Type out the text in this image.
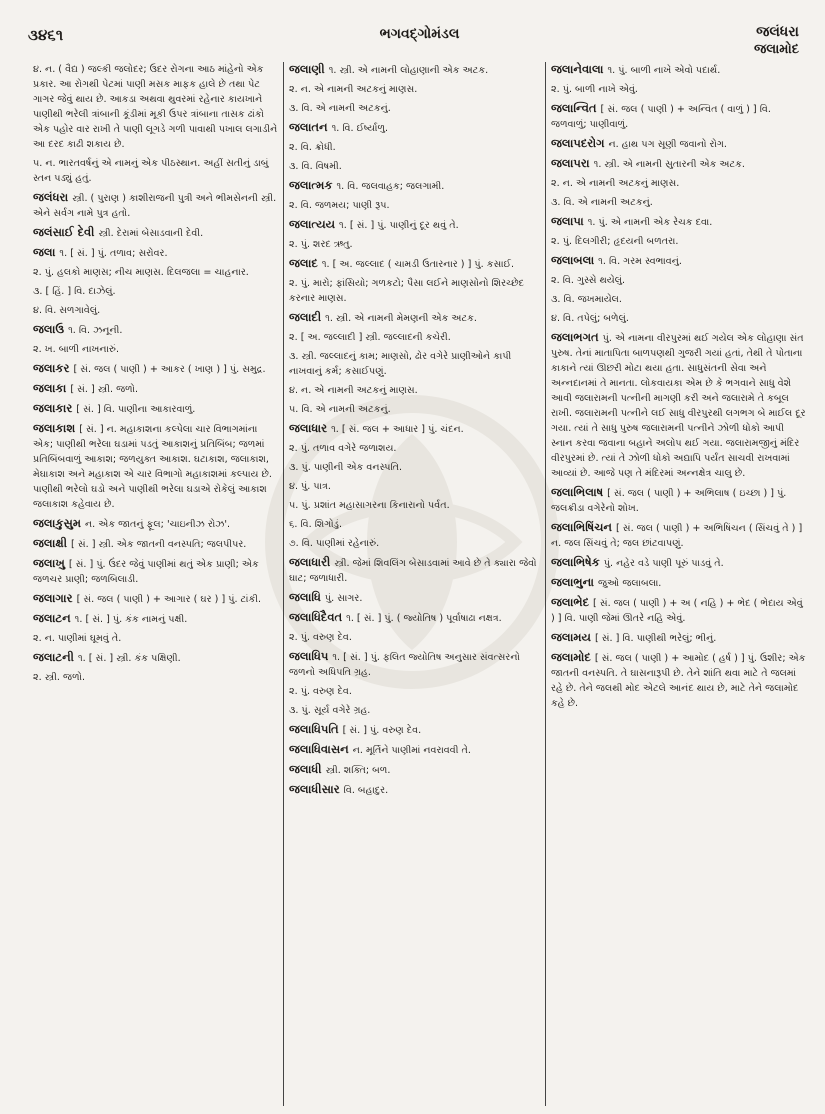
૩૪૬૧	ભગવદ્ગોમંડલ	જલંધરા
જલામોદ
૪. ન. ( વૈદ્ય ) જલ્કી જલોદર; ઉદર રોગના આઠ માંહેનો એક પ્રકાર. આ રોગથી પેટમાં પાણી મસક માફક હાલે છે તથા પેટ ગાગર જેવું થાય છે. આકડા અથવા થુવરમાં રહેનાર કાયખાને પાણીથી ભરેલી ત્રાંબાની કૂંડીમાં મૂકી ઉપર ત્રાંબાના તાસક ઢાંકો એક પહોર વાર રાખી તે પાણી લૂગડે ગળી પાવાથી પખાલ લગાડીને આ દરદ કાઢી શકાય છે.
૫. ન. ભારતવર્ષનું એ નામનું એક પીઠસ્થાન. અહીં સતીનું ડાબું સ્તન પડ્યું હતું.
જલંધરા સ્ત્રી. ( પુરાણ ) કાશીરાજની પુત્રી અને ભીમસેનની સ્ત્રી. એને સર્વગ નામે પુત્ર હતો.
જલંસાઈ દેવી સ્ત્રી. દેરામાં બેસાડવાની દેવી.
જલા ૧. [ સં. ] પું. તળાવ; સરોવર.
૨. પું. હલકો માણસ; નીચ માણસ. દિલજલા = ચાહનાર.
૩. [ હિં. ] વિ. દાઝેલું.
૪. વિ. સળગાવેલું.
જલાઉ ૧. વિ. ઝનૂની.
૨. ખ. બાળી નાખનારું.
જલાકર [ સં. જલ ( પાણી ) + આકર ( ખાણ ) ] પું. સમુદ્ર.
જલાકા [ સં. ] સ્ત્રી. જળો.
જલાકાર [ સં. ] વિ. પાણીના આકારવાળું.
જલાકાશ [ સં. ] ન. મહાકાશના કલ્પેલા ચાર વિભાગમાંના એક; પાણીથી ભરેલા ઘડામાં પડતું આકાશનું પ્રતિબિંબ; જળમાં પ્રતિબિંબવાળું આકાશ; જળયુક્ત આકાશ. ઘટાકાશ, જલાકાશ, મેઘાકાશ અને મહાકાશ એ ચાર વિભાગો મહાકાશમાં કલ્પાય છે. પાણીથી ભરેલો ઘડો અને પાણીથી ભરેલા ઘડાએ રોકેલું આકાશ જલાકાશ કહેવાય છે.
જલાકુસુમ ન. એક જાતનું ફૂલ; 'ચાઇનીઝ રોઝ'.
જલાક્ષી [ સં. ] સ્ત્રી. એક જાતની વનસ્પતિ; જલપીપર.
જલાખુ [ સં. ] પું. ઉંદર જેવું પાણીમાં થતું એક પ્રાણી; એક જળચર પ્રાણી; જળબિલાડી.
જલાગાર [ સં. જલ ( પાણી ) + આગાર ( ઘર ) ] પું. ટાંકી.
જલાટન ૧. [ સં. ] પું. કંક નામનું પક્ષી.
૨. ન. પાણીમાં ઘૂમવું તે.
જલાટની ૧. [ સં. ] સ્ત્રી. કંક પક્ષિણી.
૨. સ્ત્રી. જળો.
જલાણી ૧. સ્ત્રી. એ નામની લોહાણાની એક અટક.
૨. ન. એ નામની અટકનું માણસ.
૩. વિ. એ નામની અટકનું.
જલાતન ૧. વિ. ઈર્ષ્યાળુ.
૨. વિ. ક્રોધી.
૩. વિ. વિષમી.
જલાત્મક ૧. વિ. જલવાહક; જલગામી.
૨. વિ. જળમય; પાણી રૂપ.
જલાત્યય ૧. [ સં. ] પું. પાણીનું દૂર થવું તે.
૨. પું. શરદ ઋતુ.
જલાદ ૧. [ અ. જલ્લાદ ( ચામડી ઉતારનાર ) ] પું. કસાઈ.
૨. પું. મારો; ફાંસિયો; ગળકટો; પૈસા લઈને માણસોનો શિરચ્છેદ કરનાર માણસ.
જલાદી ૧. સ્ત્રી. એ નામની મેમણની એક અટક.
૨. [ અ. જલ્લાદી ] સ્ત્રી. જલ્લાદની કચેરી.
૩. સ્ત્રી. જલ્લાદનું કામ; માણસો, ઢોર વગેરે પ્રાણીઓને કાપી નાખવાનું કર્મ; કસાઈપણું.
૪. ન. એ નામની અટકનું માણસ.
૫. વિ. એ નામની અટકનું.
જલાધાર ૧. [ સં. જલ + આધાર ] પું. ચંદન.
૨. પું. તળાવ વગેરે જળાશય.
૩. પું. પાણીની એક વનસ્પતિ.
૪. પું. પાત્ર.
૫. પું. પ્રશાંત મહાસાગરના કિનારાનો પર્વત.
૬. વિ. શિગોડું.
૭. વિ. પાણીમાં રહેનારું.
જલાધારી સ્ત્રી. જેમાં શિવલિંગ બેસાડવામાં આવે છે તે ક્યારા જેવો ઘાટ; જળાધારી.
જલાધિ પું. સાગર.
જલાધિદૈવત ૧. [ સં. ] પું. ( જ્યોતિષ ) પૂર્વાષાઢા નક્ષત્ર.
૨. પું. વરુણ દેવ.
જલાધિપ ૧. [ સં. ] પું. ફલિત જ્યોતિષ અનુસાર સંવત્સરનો જળનો અધિપતિ ગ્રહ.
૨. પું. વરુણ દેવ.
૩. પું. સૂર્ય વગેરે ગ્રહ.
જલાધિપતિ [ સં. ] પું. વરુણ દેવ.
જલાધિવાસન ન. મૂર્તિને પાણીમાં નવરાવવી તે.
જલાધી સ્ત્રી. શક્તિ; બળ.
જલાધીસાર વિ. બહાદુર.
જલાનેવાલા ૧. પું. બાળી નાખે એવો પદાર્થ.
૨. પું. બાળી નાખે એવું.
જલાન્વિત [ સં. જલ ( પાણી ) + અન્વિત ( વાળું ) ] વિ. જળવાળું; પાણીવાળું.
જલાપદરોગ ન. હાથ પગ સૂણી જવાનો રોગ.
જલાપરા ૧. સ્ત્રી. એ નામની સુતારની એક અટક.
૨. ન. એ નામની અટકનું માણસ.
૩. વિ. એ નામની અટકનું.
જલાપા ૧. પું. એ નામની એક રેચક દવા.
૨. પું. દિલગીરી; હૃદયની બળતરા.
જલાબલા ૧. વિ. ગરમ સ્વભાવનું.
૨. વિ. ગુસ્સે થયેલું.
૩. વિ. જખમાયેલ.
૪. વિ. તપેલું; બળેલું.
જલાભગત પું. એ નામના વીરપુરમાં થઈ ગયેલ એક લોહાણા સંત પુરુષ. તેનાં માતાપિતા બાળપણથી ગુજરી ગયાં હતાં, તેથી તે પોતાના કાકાને ત્યાં ઊછરી મોટા થયા હતા. સાધુસંતની સેવા અને અન્નદાનમાં તે માનતા. લોકવાયકા એમ છે કે ભગવાને સાધુ વેશે આવી જલારામની પત્નીની માગણી કરી અને જલારામે તે કબૂલ રાખી. જલારામની પત્નીને લઈ સાધુ વીરપુરથી લગભગ બે માઈલ દૂર ગયા. ત્યાં તે સાધુ પુરુષ જલારામની પત્નીને ઝોળી ધોકો આપી સ્નાન કરવા જવાના બહાને અલોપ થઈ ગયા. જલારામજીનું મંદિર વીરપુરમાં છે. ત્યાં તે ઝોળી ધોકો અદ્યાપિ પર્યંત સાચવી રાખવામાં આવ્યાં છે. આજે પણ તે મંદિરમાં અન્નક્ષેત્ર ચાલુ છે.
જલાભિલાષ [ સં. જલ ( પાણી ) + અભિલાષ ( ઇચ્છા ) ] પું. જલક્રીડા વગેરેનો શોખ.
જલાભિષિંચન [ સં. જલ ( પાણી ) + અભિષિંચન ( સિંચવું તે ) ] ન. જલ સિંચવું તે; જલ છાંટવાપણું.
જલાભિષેક પું. નહેર વડે પાણી પૂરું પાડવું તે.
જલાભુના જુઓ જલાબલા.
જલાભેદ [ સં. જલ ( પાણી ) + અ ( નહિ ) + ભેદ ( ભેદાય એવું ) ] વિ. પાણી જેમાં ઊતરે નહિ એવું.
જલામય [ સં. ] વિ. પાણીથી ભરેલું; ભીનું.
જલામોદ [ સં. જલ ( પાણી ) + આમોદ ( હર્ષ ) ] પું. ઉશીર; એક જાતની વનસ્પતિ. તે ઘાસનારૂપી છે. તેને શાંતિ થવા માટે તે જલમાં રહે છે. તેને જલથી મોદ એટલે આનંદ થાય છે, માટે તેને જલામોદ કહે છે.
